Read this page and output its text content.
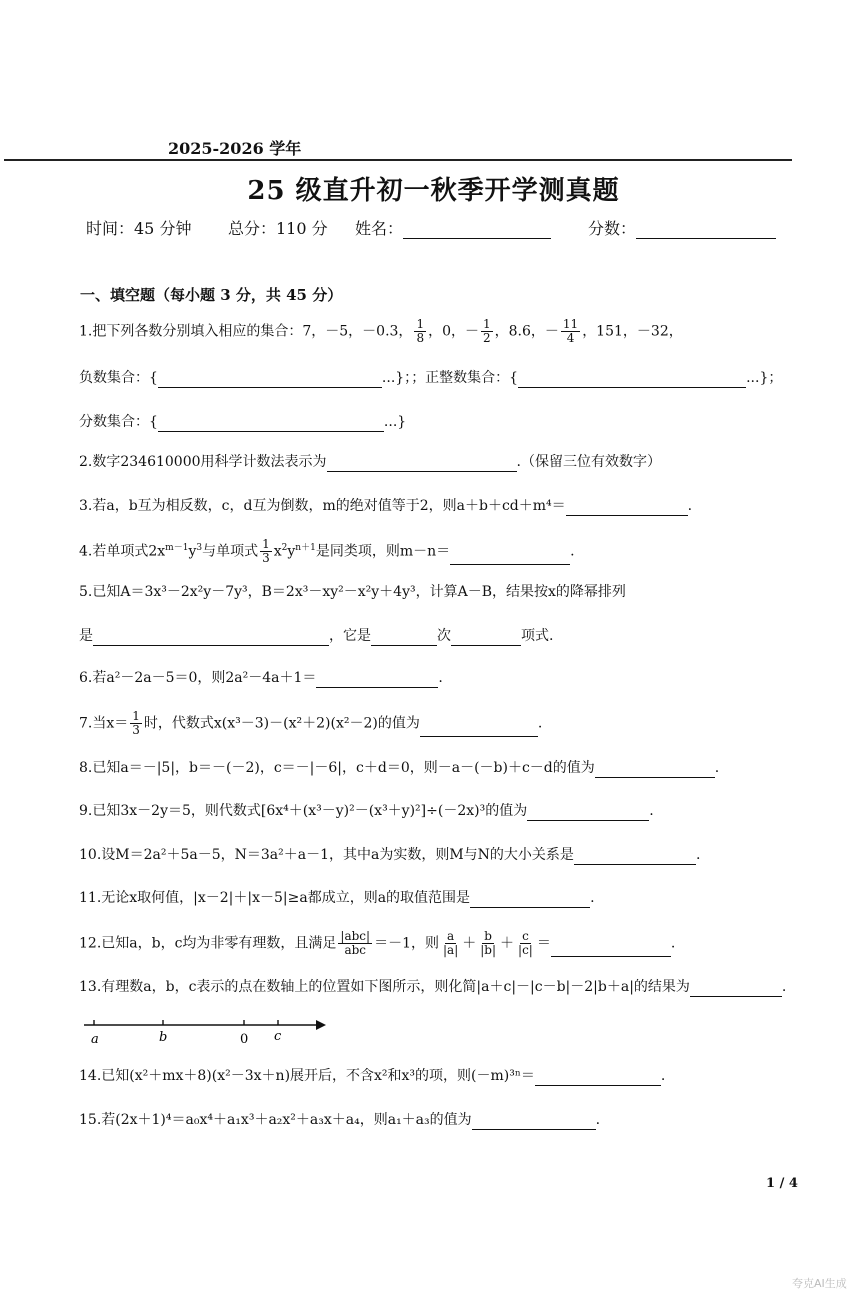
2025-2026 学年
25 级直升初一秋季开学测真题
时间：45 分钟 总分：110 分 姓名：	分数：
一、填空题（每小题 3 分，共 45 分）
1.把下列各数分别填入相应的集合：7，－5，－0.3， $\frac{1}{8}$ ，0，－ $\frac{1}{2}$ ，8.6，－ $\frac{11}{4}$ ，151，－32，
负数集合：{	...}；；正整数集合：{	...}；
分数集合：{	...}
2.数字234610000用科学计数法表示为	.（保留三位有效数字）
3.若a，b互为相反数，c，d互为倒数，m的绝对值等于2，则a＋b＋cd＋m⁴＝	.
4.若单项式$2x^{m-1}y^3$与单项式 $\frac{1}{3} x^2y^{n+1}$是同类项，则m－n＝	.
5.已知A＝3x³－2x²y－7y³，B＝2x³－xy²－x²y＋4y³，计算A－B，结果按x的降幂排列
是	，它是	次	项式.
6.若a²－2a－5＝0，则2a²－4a＋1＝	.
7.当$x= \frac{1}{3}$ 时，代数式x(x³－3)－(x²＋2)(x²－2)的值为	.
8.已知a＝－|5|，b＝－(－2)，c＝－|－6|，c＋d＝0，则－a－(－b)＋c－d的值为	.
9.已知3x－2y＝5，则代数式[6x⁴＋(x³－y)²－(x³＋y)²]÷(－2x)³的值为	.
10.设M＝2a²＋5a－5，N＝3a²＋a－1，其中a为实数，则M与N的大小关系是	.
11.无论x取何值，|x－2|＋|x－5|≥a都成立，则a的取值范围是	.
12.已知a，b，c均为非零有理数，且满足 $\frac{\text{|abc|}}{\text{abc}} =-1$，则 $\frac{a}{|a|} + \frac{b}{|b|} + \frac{c}{|c|}$ ＝	.
13.有理数a，b，c表示的点在数轴上的位置如下图所示，则化简|a＋c|－|c－b|－2|b＋a|的结果为	.
a	b	0 c
14.已知(x²＋mx＋8)(x²－3x＋n)展开后，不含x²和x³的项，则(－m)³ⁿ＝	.
15.若(2x＋1)⁴＝a₀x⁴＋a₁x³＋a₂x²＋a₃x＋a₄，则a₁＋a₃的值为	.
1 / 4
夸克AI生成
